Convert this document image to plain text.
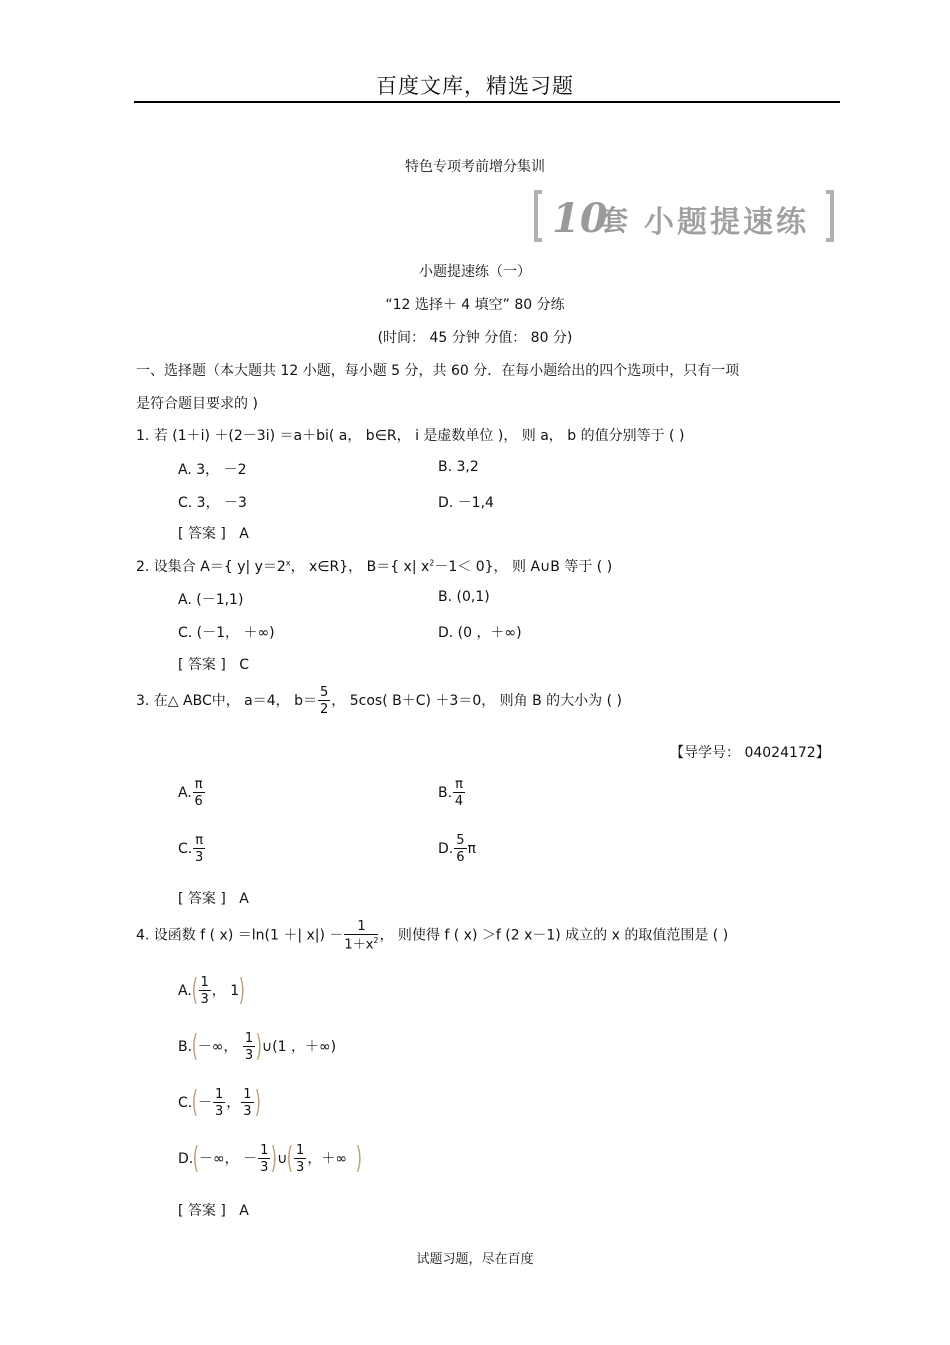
百度文库，精选习题
特色专项考前增分集训
10
套 小题提速练
小题提速练（一）
“12 选择＋ 4 填空” 80 分练
(时间： 45 分钟 分值： 80 分)
一、选择题（本大题共 12 小题，每小题 5 分，共 60 分．在每小题给出的四个选项中，只有一项
是符合题目要求的 )
1. 若 (1＋i) ＋(2－3i) ＝a＋bi( a， b∈R， i 是虚数单位 )， 则 a， b 的值分别等于 ( )
A. 3， －2	B. 3,2
C. 3， －3	D. －1,4
[ 答案 ] A
2. 设集合 A＝{ y| $y=2^x$， x∈R}， B＝{ x| $x^2-1< 0$}， 则 A∪B 等于 ( )
A. (－1,1)	B. (0,1)
C. (－1， ＋∞)	D. (0 ，＋∞)
[ 答案 ] C
3. 在△ ABC中， a＝4， $b= \frac{5}{2}$ ， 5cos( B＋C) ＋3＝0， 则角 B 的大小为 ( )
【导学号： 04024172】
A. $\frac{\pi}{6}$	B. $\frac{\pi}{4}$
C. $\frac{\pi}{3}$	D. $\frac{5}{6}$ π
[ 答案 ] A
4. 设函数 f ( x) ＝ln(1 ＋| $x|) - \frac{1}{1+x^2}$ ， 则使得 f ( x) ＞f (2 x－1) 成立的 x 的取值范围是 ( )
$A.( \frac{1}{3}$ ， 1)
B.(－∞， $\frac{1}{3}$ )∪(1 ，＋∞)
$C.(- \frac{1}{3}$ ， $\frac{1}{3}$ )
D.(－∞， － $\frac{1}{3}$ )∪( $\frac{1}{3}$ ，＋∞ )
[ 答案 ] A
试题习题，尽在百度
